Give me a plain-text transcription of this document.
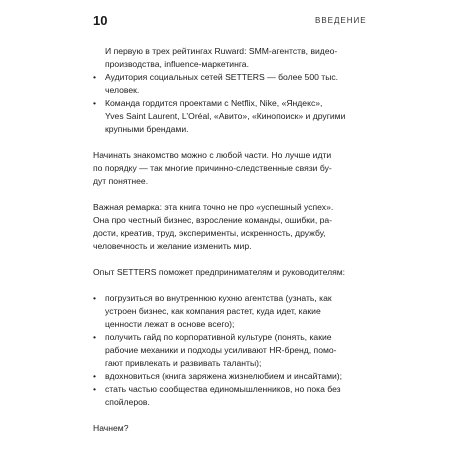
10	ВВЕДЕНИЕ
И первую в трех рейтингах Ruward: SMM-агентств, видео-
производства, influence-маркетинга.
• Аудитория социальных сетей SETTERS — более 500 тыс.
человек.
• Команда гордится проектами с Netflix, Nike, «Яндекс»,
Yves Saint Laurent, L’Oréal, «Авито», «Кинопоиск» и другими
крупными брендами.
Начинать знакомство можно с любой части. Но лучше идти
по порядку — так многие причинно-следственные связи бу-
дут понятнее.
Важная ремарка: эта книга точно не про «успешный успех».
Она про честный бизнес, взросление команды, ошибки, ра-
дости, креатив, труд, эксперименты, искренность, дружбу,
человечность и желание изменить мир.
Опыт SETTERS поможет предпринимателям и руководителям:
• погрузиться во внутреннюю кухню агентства (узнать, как
устроен бизнес, как компания растет, куда идет, какие
ценности лежат в основе всего);
• получить гайд по корпоративной культуре (понять, какие
рабочие механики и подходы усиливают HR-бренд, помо-
гают привлекать и развивать таланты);
• вдохновиться (книга заряжена жизнелюбием и инсайтами);
• стать частью сообщества единомышленников, но пока без
спойлеров.
Начнем?
